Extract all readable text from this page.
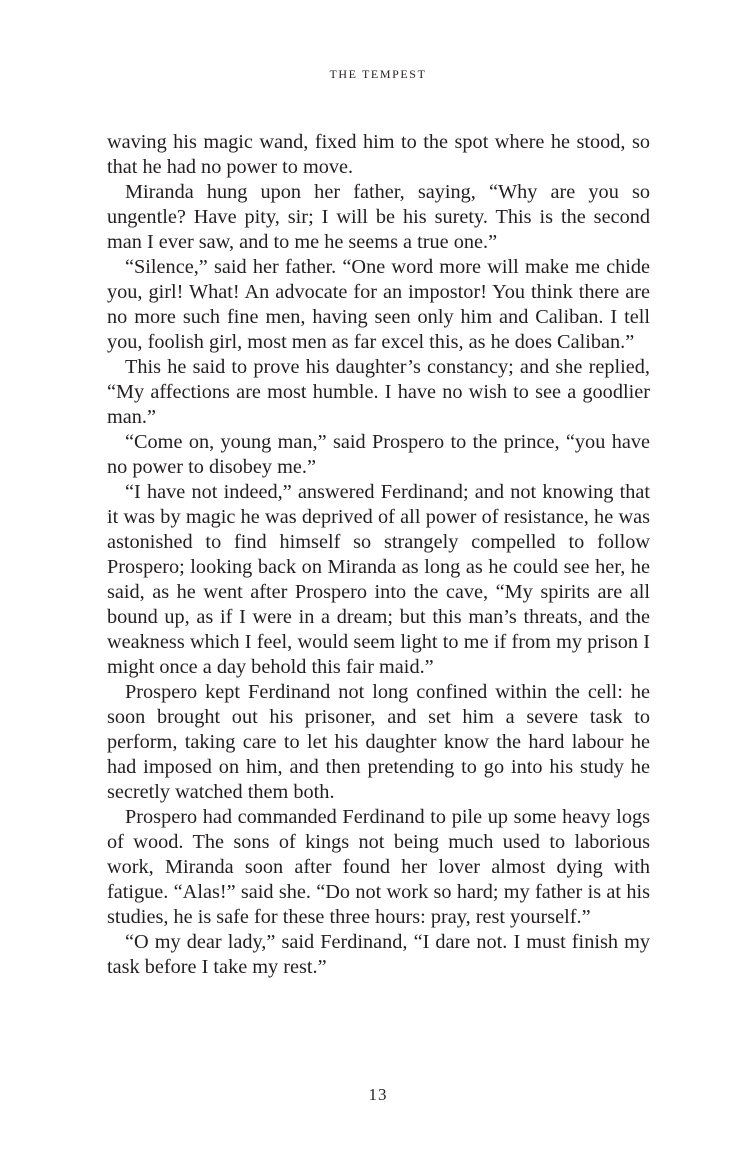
THE TEMPEST

waving his magic wand, fixed him to the spot where he stood, so that he had no power to move.

Miranda hung upon her father, saying, “Why are you so ungentle? Have pity, sir; I will be his surety. This is the second man I ever saw, and to me he seems a true one.”

“Silence,” said her father. “One word more will make me chide you, girl! What! An advocate for an impostor! You think there are no more such fine men, having seen only him and Caliban. I tell you, foolish girl, most men as far excel this, as he does Caliban.”

This he said to prove his daughter’s constancy; and she replied, “My affections are most humble. I have no wish to see a goodlier man.”

“Come on, young man,” said Prospero to the prince, “you have no power to disobey me.”

“I have not indeed,” answered Ferdinand; and not knowing that it was by magic he was deprived of all power of resistance, he was astonished to find himself so strangely compelled to follow Prospero; looking back on Miranda as long as he could see her, he said, as he went after Prospero into the cave, “My spirits are all bound up, as if I were in a dream; but this man’s threats, and the weakness which I feel, would seem light to me if from my prison I might once a day behold this fair maid.”

Prospero kept Ferdinand not long confined within the cell: he soon brought out his prisoner, and set him a severe task to perform, taking care to let his daughter know the hard labour he had imposed on him, and then pretending to go into his study he secretly watched them both.

Prospero had commanded Ferdinand to pile up some heavy logs of wood. The sons of kings not being much used to laborious work, Miranda soon after found her lover almost dying with fatigue. “Alas!” said she. “Do not work so hard; my father is at his studies, he is safe for these three hours: pray, rest yourself.”

“O my dear lady,” said Ferdinand, “I dare not. I must finish my task before I take my rest.”

13
